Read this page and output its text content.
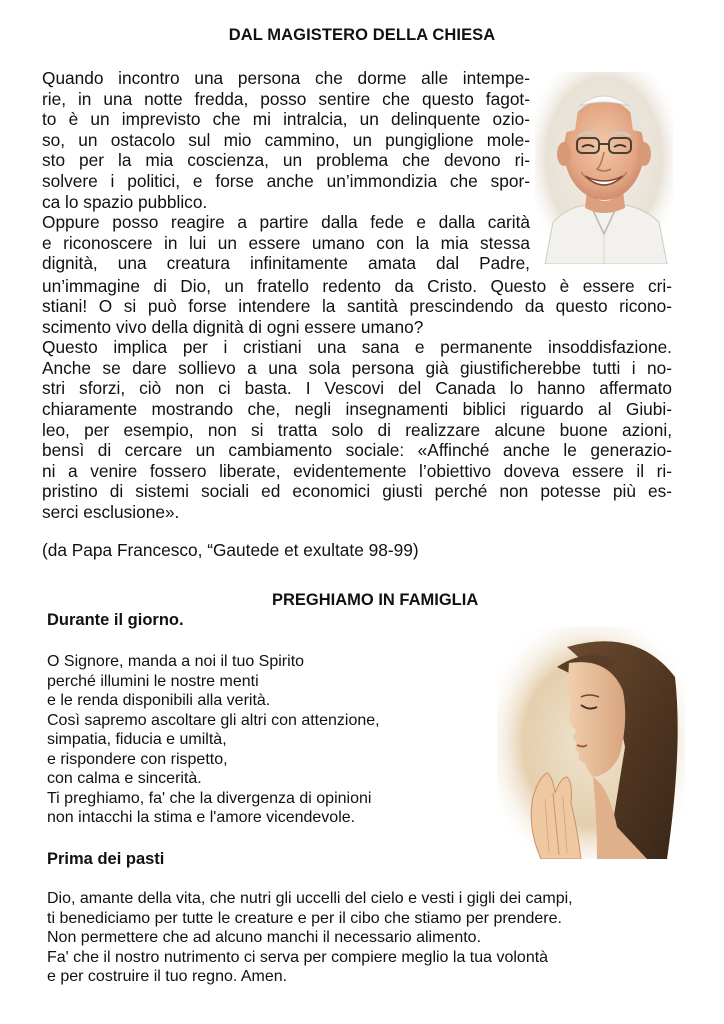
DAL MAGISTERO DELLA CHIESA
Quando incontro una persona che dorme alle intempe-
rie, in una notte fredda, posso sentire che questo fagot-
to è un imprevisto che mi intralcia, un delinquente ozio-
so, un ostacolo sul mio cammino, un pungiglione mole-
sto per la mia coscienza, un problema che devono ri-
solvere i politici, e forse anche un’immondizia che spor-
ca lo spazio pubblico.
Oppure posso reagire a partire dalla fede e dalla carità
e riconoscere in lui un essere umano con la mia stessa
dignità, una creatura infinitamente amata dal Padre,
un’immagine di Dio, un fratello redento da Cristo. Questo è essere cri-
stiani! O si può forse intendere la santità prescindendo da questo ricono-
scimento vivo della dignità di ogni essere umano?
Questo implica per i cristiani una sana e permanente insoddisfazione.
Anche se dare sollievo a una sola persona già giustificherebbe tutti i no-
stri sforzi, ciò non ci basta. I Vescovi del Canada lo hanno affermato
chiaramente mostrando che, negli insegnamenti biblici riguardo al Giubi-
leo, per esempio, non si tratta solo di realizzare alcune buone azioni,
bensì di cercare un cambiamento sociale: «Affinché anche le generazio-
ni a venire fossero liberate, evidentemente l’obiettivo doveva essere il ri-
pristino di sistemi sociali ed economici giusti perché non potesse più es-
serci esclusione».
(da Papa Francesco, “Gautede et exultate 98-99)
PREGHIAMO IN FAMIGLIA
Durante il giorno.
O Signore, manda a noi il tuo Spirito
perché illumini le nostre menti
e le renda disponibili alla verità.
Così sapremo ascoltare gli altri con attenzione,
simpatia, fiducia e umiltà,
e rispondere con rispetto,
con calma e sincerità.
Ti preghiamo, fa' che la divergenza di opinioni
non intacchi la stima e l'amore vicendevole.
Prima dei pasti
Dio, amante della vita, che nutri gli uccelli del cielo e vesti i gigli dei campi,
ti benediciamo per tutte le creature e per il cibo che stiamo per prendere.
Non permettere che ad alcuno manchi il necessario alimento.
Fa' che il nostro nutrimento ci serva per compiere meglio la tua volontà
e per costruire il tuo regno. Amen.
